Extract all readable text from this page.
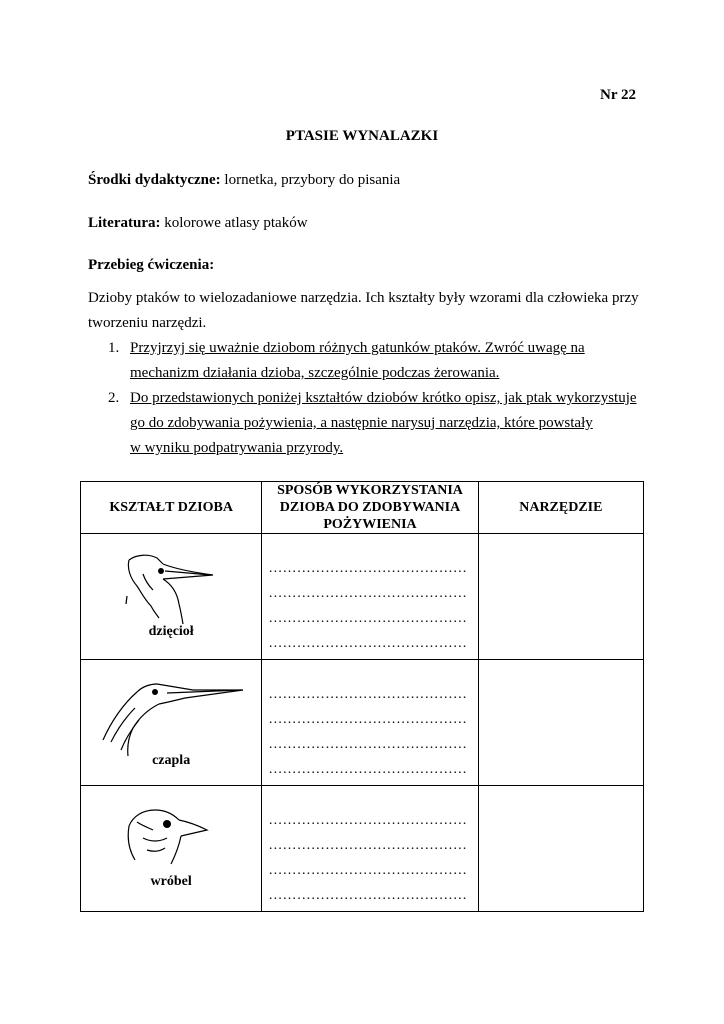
Nr 22
PTASIE WYNALAZKI
Środki dydaktyczne: lornetka, przybory do pisania
Literatura: kolorowe atlasy ptaków
Przebieg ćwiczenia:
Dzioby ptaków to wielozadaniowe narzędzia. Ich kształty były wzorami dla człowieka przy tworzeniu narzędzi.
1. Przyjrzyj się uważnie dziobom różnych gatunków ptaków. Zwróć uwagę na
mechanizm działania dzioba, szczególnie podczas żerowania.
2. Do przedstawionych poniżej kształtów dziobów krótko opisz, jak ptak wykorzystuje
go do zdobywania pożywienia, a następnie narysuj narzędzia, które powstały
w wyniku podpatrywania przyrody.
KSZTAŁT DZIOBA	SPOSÓB WYKORZYSTANIA DZIOBA DO ZDOBYWANIA POŻYWIENIA	NARZĘDZIE

dzięcioł	……………………………………
……………………………………
……………………………………
……………………………………	

czapla	……………………………………
……………………………………
……………………………………
……………………………………	

wróbel	……………………………………
……………………………………
……………………………………
……………………………………	
